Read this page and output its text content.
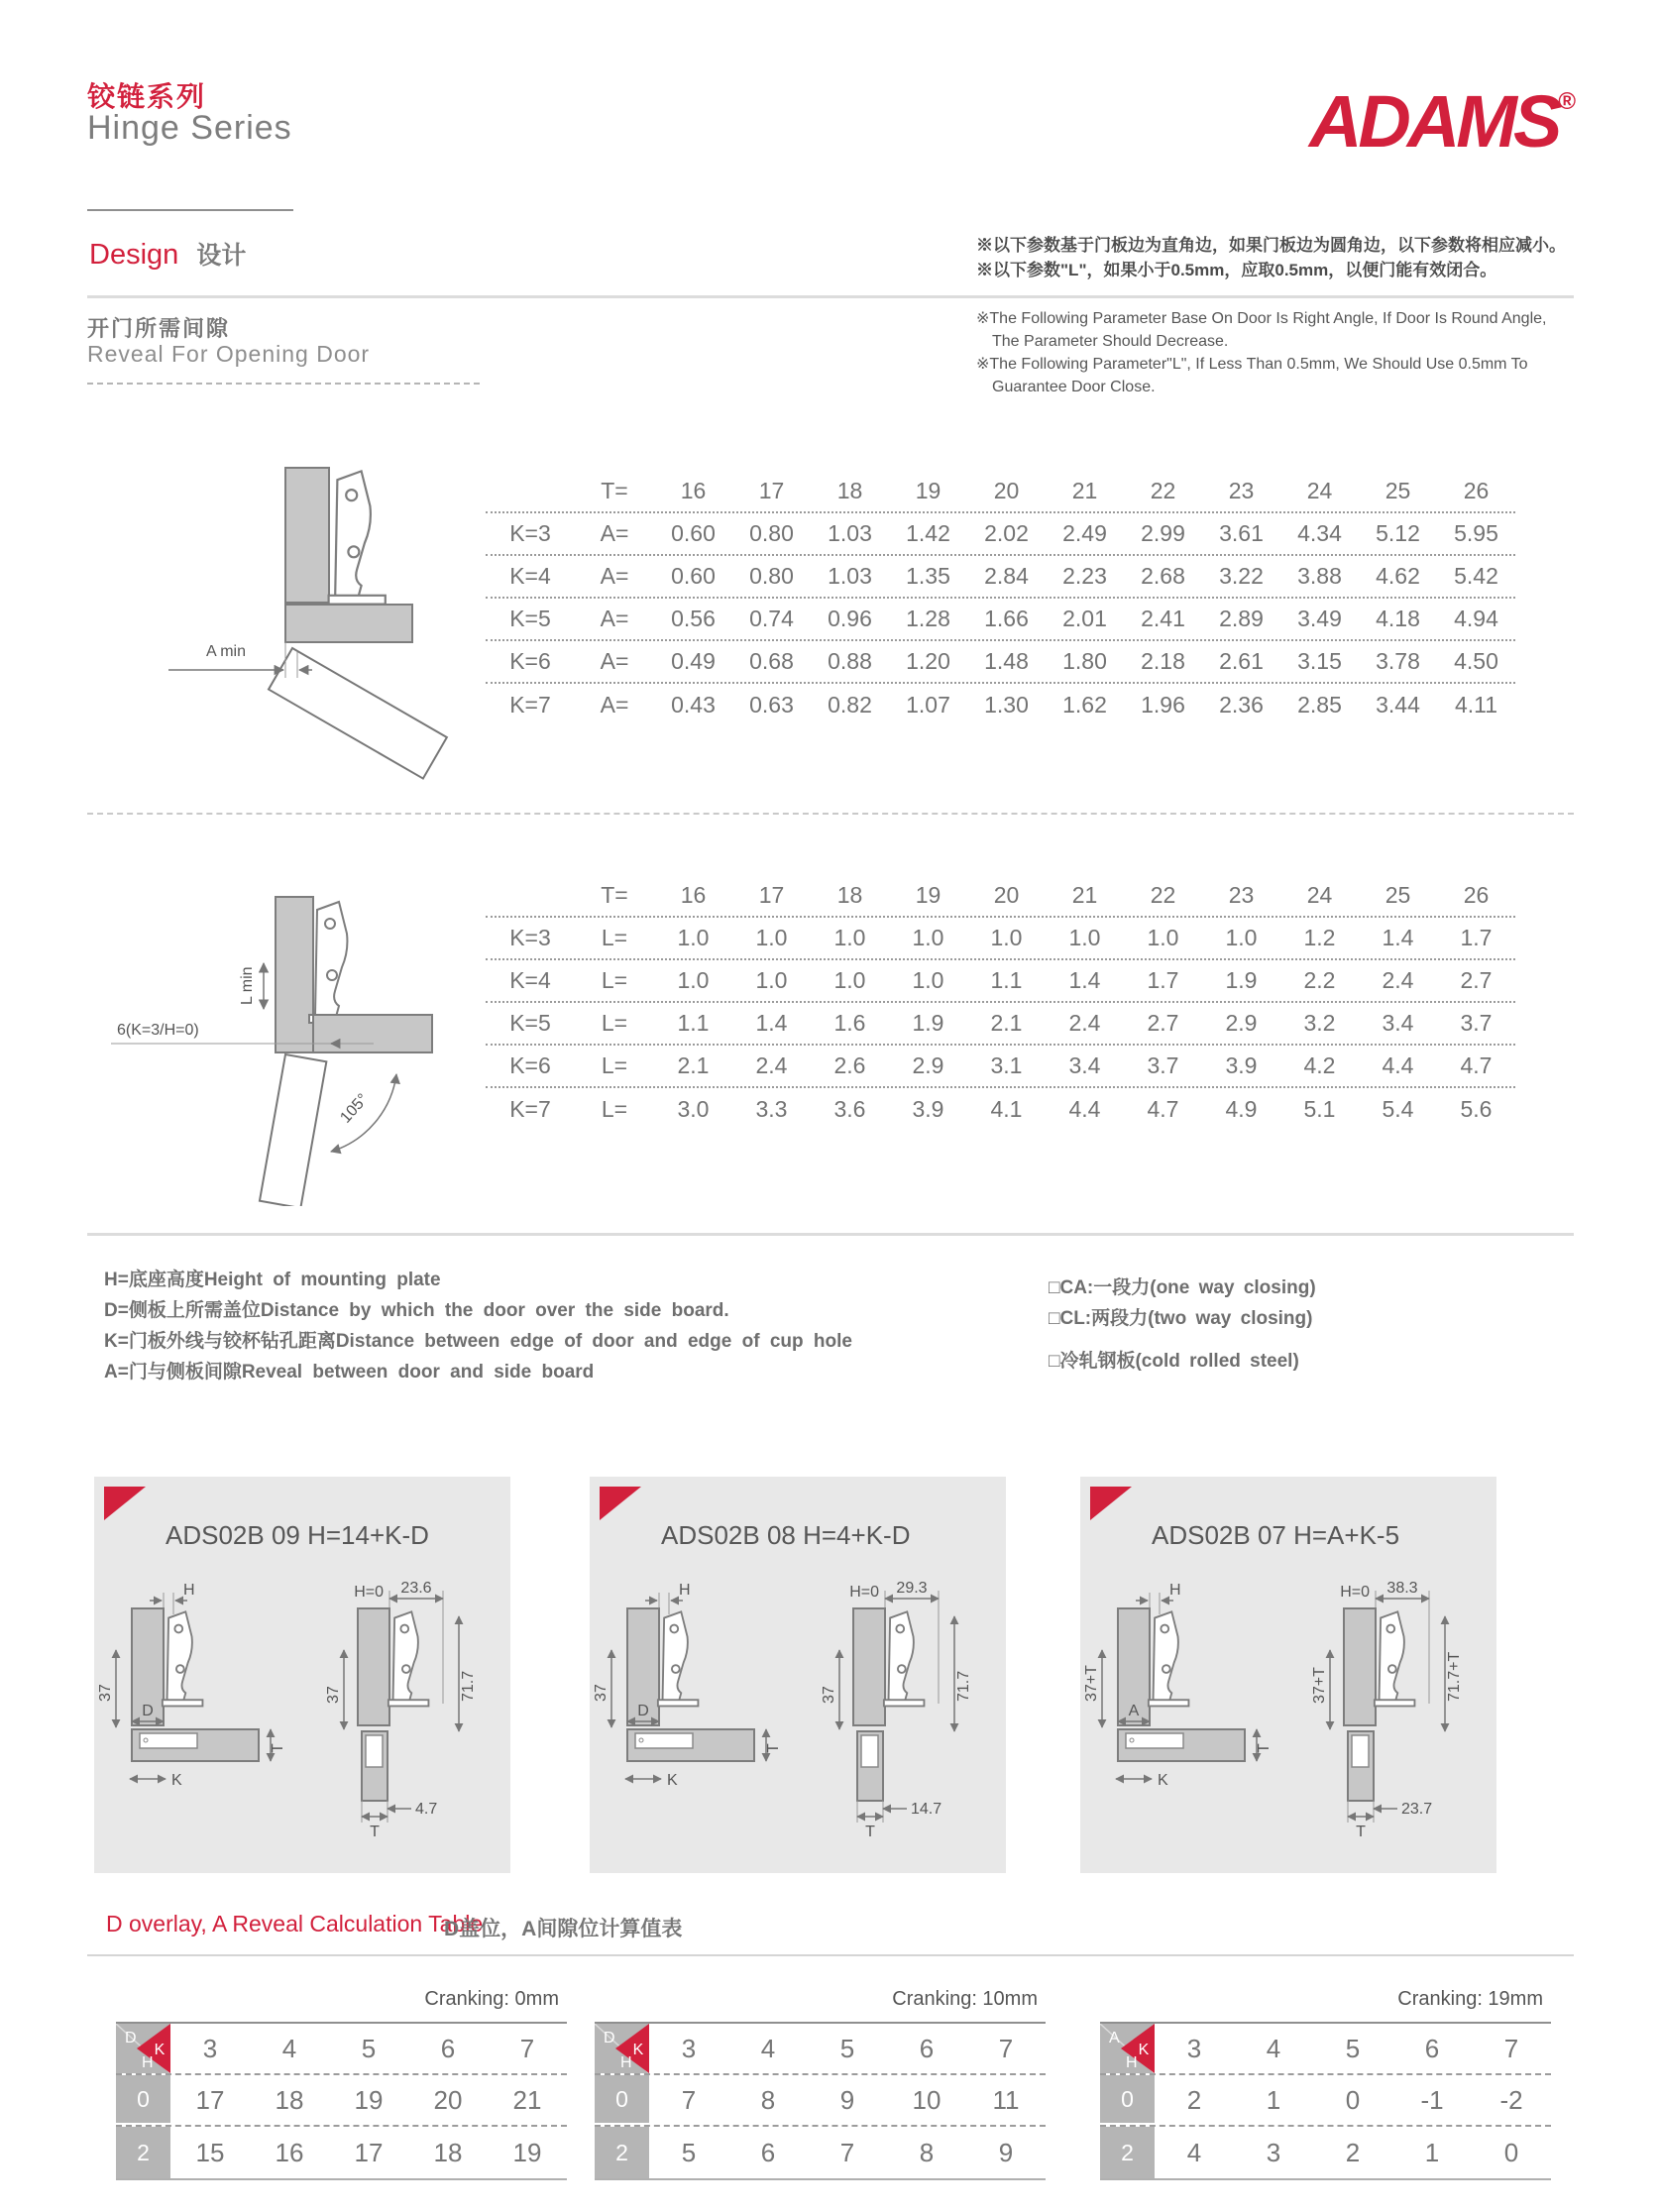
铰链系列
Hinge Series	ADAMS®
Design 设计	※以下参数基于门板边为直角边，如果门板边为圆角边，以下参数将相应减小。
※以下参数"L"，如果小于0.5mm，应取0.5mm，以便门能有效闭合。

※The Following Parameter Base On Door Is Right Angle, If Door Is Round Angle, The Parameter Should Decrease.

※The Following Parameter"L", If Less Than 0.5mm, We Should Use 0.5mm To Guarantee Door Close.

开门所需间隙
Reveal For Opening Door
A min
T=	16	17	18	19	20	21	22	23	24	25	26
K=3	A=	0.60	0.80	1.03	1.42	2.02	2.49	2.99	3.61	4.34	5.12	5.95
K=4	A=	0.60	0.80	1.03	1.35	2.84	2.23	2.68	3.22	3.88	4.62	5.42
K=5	A=	0.56	0.74	0.96	1.28	1.66	2.01	2.41	2.89	3.49	4.18	4.94
K=6	A=	0.49	0.68	0.88	1.20	1.48	1.80	2.18	2.61	3.15	3.78	4.50
K=7	A=	0.43	0.63	0.82	1.07	1.30	1.62	1.96	2.36	2.85	3.44	4.11
L min
6(K=3/H=0)
105°
T=	16	17	18	19	20	21	22	23	24	25	26
K=3	L=	1.0	1.0	1.0	1.0	1.0	1.0	1.0	1.0	1.2	1.4	1.7
K=4	L=	1.0	1.0	1.0	1.0	1.1	1.4	1.7	1.9	2.2	2.4	2.7
K=5	L=	1.1	1.4	1.6	1.9	2.1	2.4	2.7	2.9	3.2	3.4	3.7
K=6	L=	2.1	2.4	2.6	2.9	3.1	3.4	3.7	3.9	4.2	4.4	4.7
K=7	L=	3.0	3.3	3.6	3.9	4.1	4.4	4.7	4.9	5.1	5.4	5.6
H=底座高度Height of mounting plate
D=侧板上所需盖位Distance by which the door over the side board.
K=门板外线与铰杯钻孔距离Distance between edge of door and edge of cup hole
A=门与侧板间隙Reveal between door and side board
□CA:一段力(one way closing)
□CL:两段力(two way closing)
□冷轧钢板(cold rolled steel)
ADS02B 09 H=14+K-D
H
37
D
T
K
H=0 23.6
37	71.7
T
4.7
ADS02B 08 H=4+K-D
H
37
D
T
K
H=0 29.3
37	71.7
T
14.7
ADS02B 07 H=A+K-5
H
37+T
A
T
K
H=0 38.3
37+T	71.7+T
T
23.7
D overlay, A Reveal Calculation Table
D盖位，A间隙位计算值表
Cranking: 0mm
D
H
K	3	4	5	6	7
0	17	18	19	20	21
2	15	16	17	18	19
Cranking: 10mm
D
H
K	3	4	5	6	7
0	7	8	9	10	11
2	5	6	7	8	9
Cranking: 19mm
A
H
K	3	4	5	6	7
0	2	1	0	-1	-2
2	4	3	2	1	0
